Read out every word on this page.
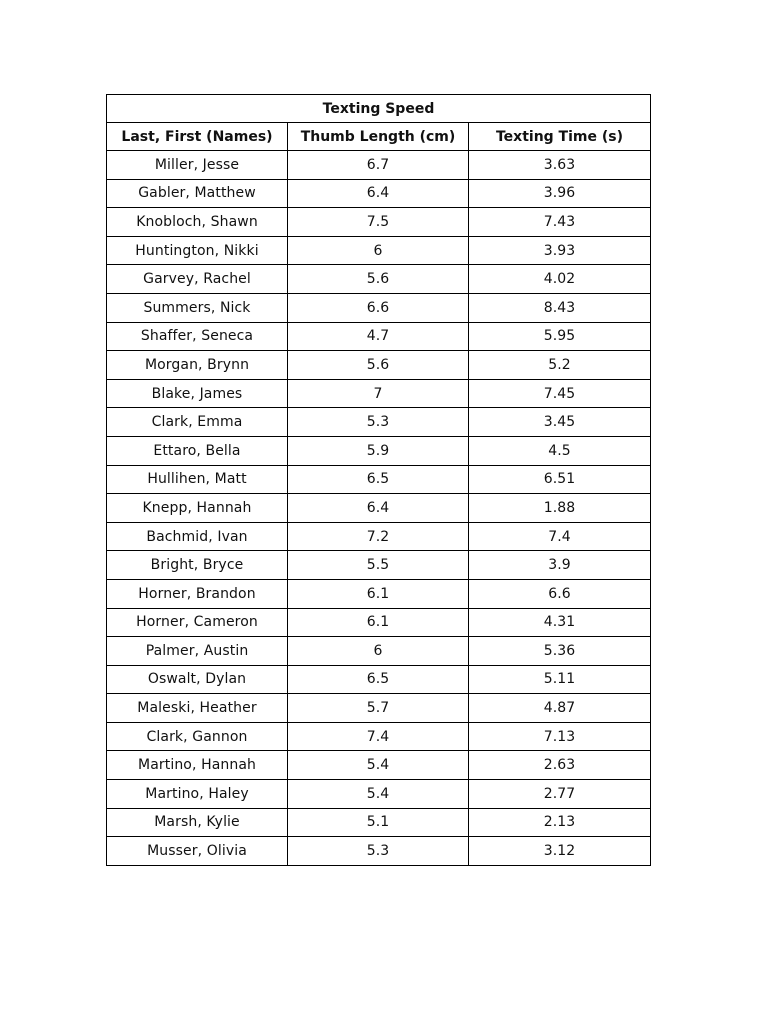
Texting Speed		
Last, First (Names)	Thumb Length (cm)	Texting Time (s)
Miller, Jesse	6.7	3.63
Gabler, Matthew	6.4	3.96
Knobloch, Shawn	7.5	7.43
Huntington, Nikki	6	3.93
Garvey, Rachel	5.6	4.02
Summers, Nick	6.6	8.43
Shaffer, Seneca	4.7	5.95
Morgan, Brynn	5.6	5.2
Blake, James	7	7.45
Clark, Emma	5.3	3.45
Ettaro, Bella	5.9	4.5
Hullihen, Matt	6.5	6.51
Knepp, Hannah	6.4	1.88
Bachmid, Ivan	7.2	7.4
Bright, Bryce	5.5	3.9
Horner, Brandon	6.1	6.6
Horner, Cameron	6.1	4.31
Palmer, Austin	6	5.36
Oswalt, Dylan	6.5	5.11
Maleski, Heather	5.7	4.87
Clark, Gannon	7.4	7.13
Martino, Hannah	5.4	2.63
Martino, Haley	5.4	2.77
Marsh, Kylie	5.1	2.13
Musser, Olivia	5.3	3.12
